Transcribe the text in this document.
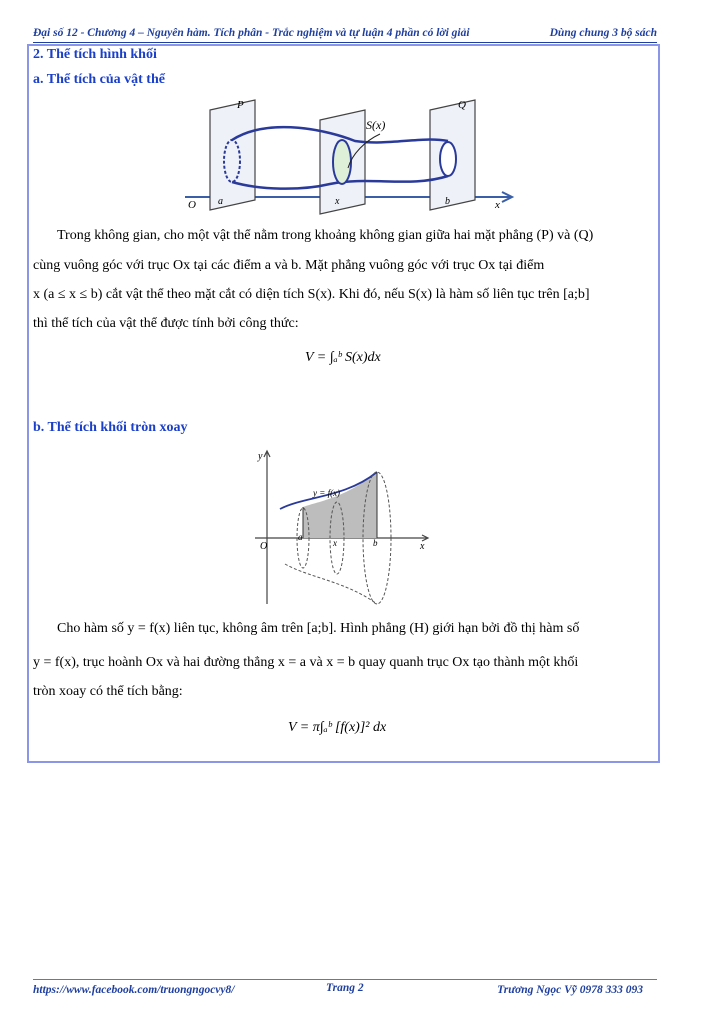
Đại số 12 - Chương 4 – Nguyên hàm. Tích phân - Trắc nghiệm và tự luận 4 phần có lời giải	Dùng chung 3 bộ sách
2. Thể tích hình khối
a. Thể tích của vật thể
P	Q
S(x)
O a	x	b	x
Trong không gian, cho một vật thể nằm trong khoảng không gian giữa hai mặt phẳng (P) và (Q)
cùng vuông góc với trục Ox tại các điểm a và b. Mặt phẳng vuông góc với trục Ox tại điểm
x (a ≤ x ≤ b) cắt vật thể theo mặt cắt có diện tích S(x). Khi đó, nếu S(x) là hàm số liên tục trên [a;b]
thì thể tích của vật thể được tính bởi công thức:
V = ∫ₐᵇ S(x)dx
b. Thể tích khối tròn xoay
y
y = f(x)
O
a
x	b	x
Cho hàm số y = f(x) liên tục, không âm trên [a;b]. Hình phẳng (H) giới hạn bởi đồ thị hàm số
y = f(x), trục hoành Ox và hai đường thẳng x = a và x = b quay quanh trục Ox tạo thành một khối
tròn xoay có thể tích bằng:
V = π∫ₐᵇ [f(x)]² dx
https://www.facebook.com/truongngocvy8/	Trang 2	Trương Ngọc Vỹ 0978 333 093
